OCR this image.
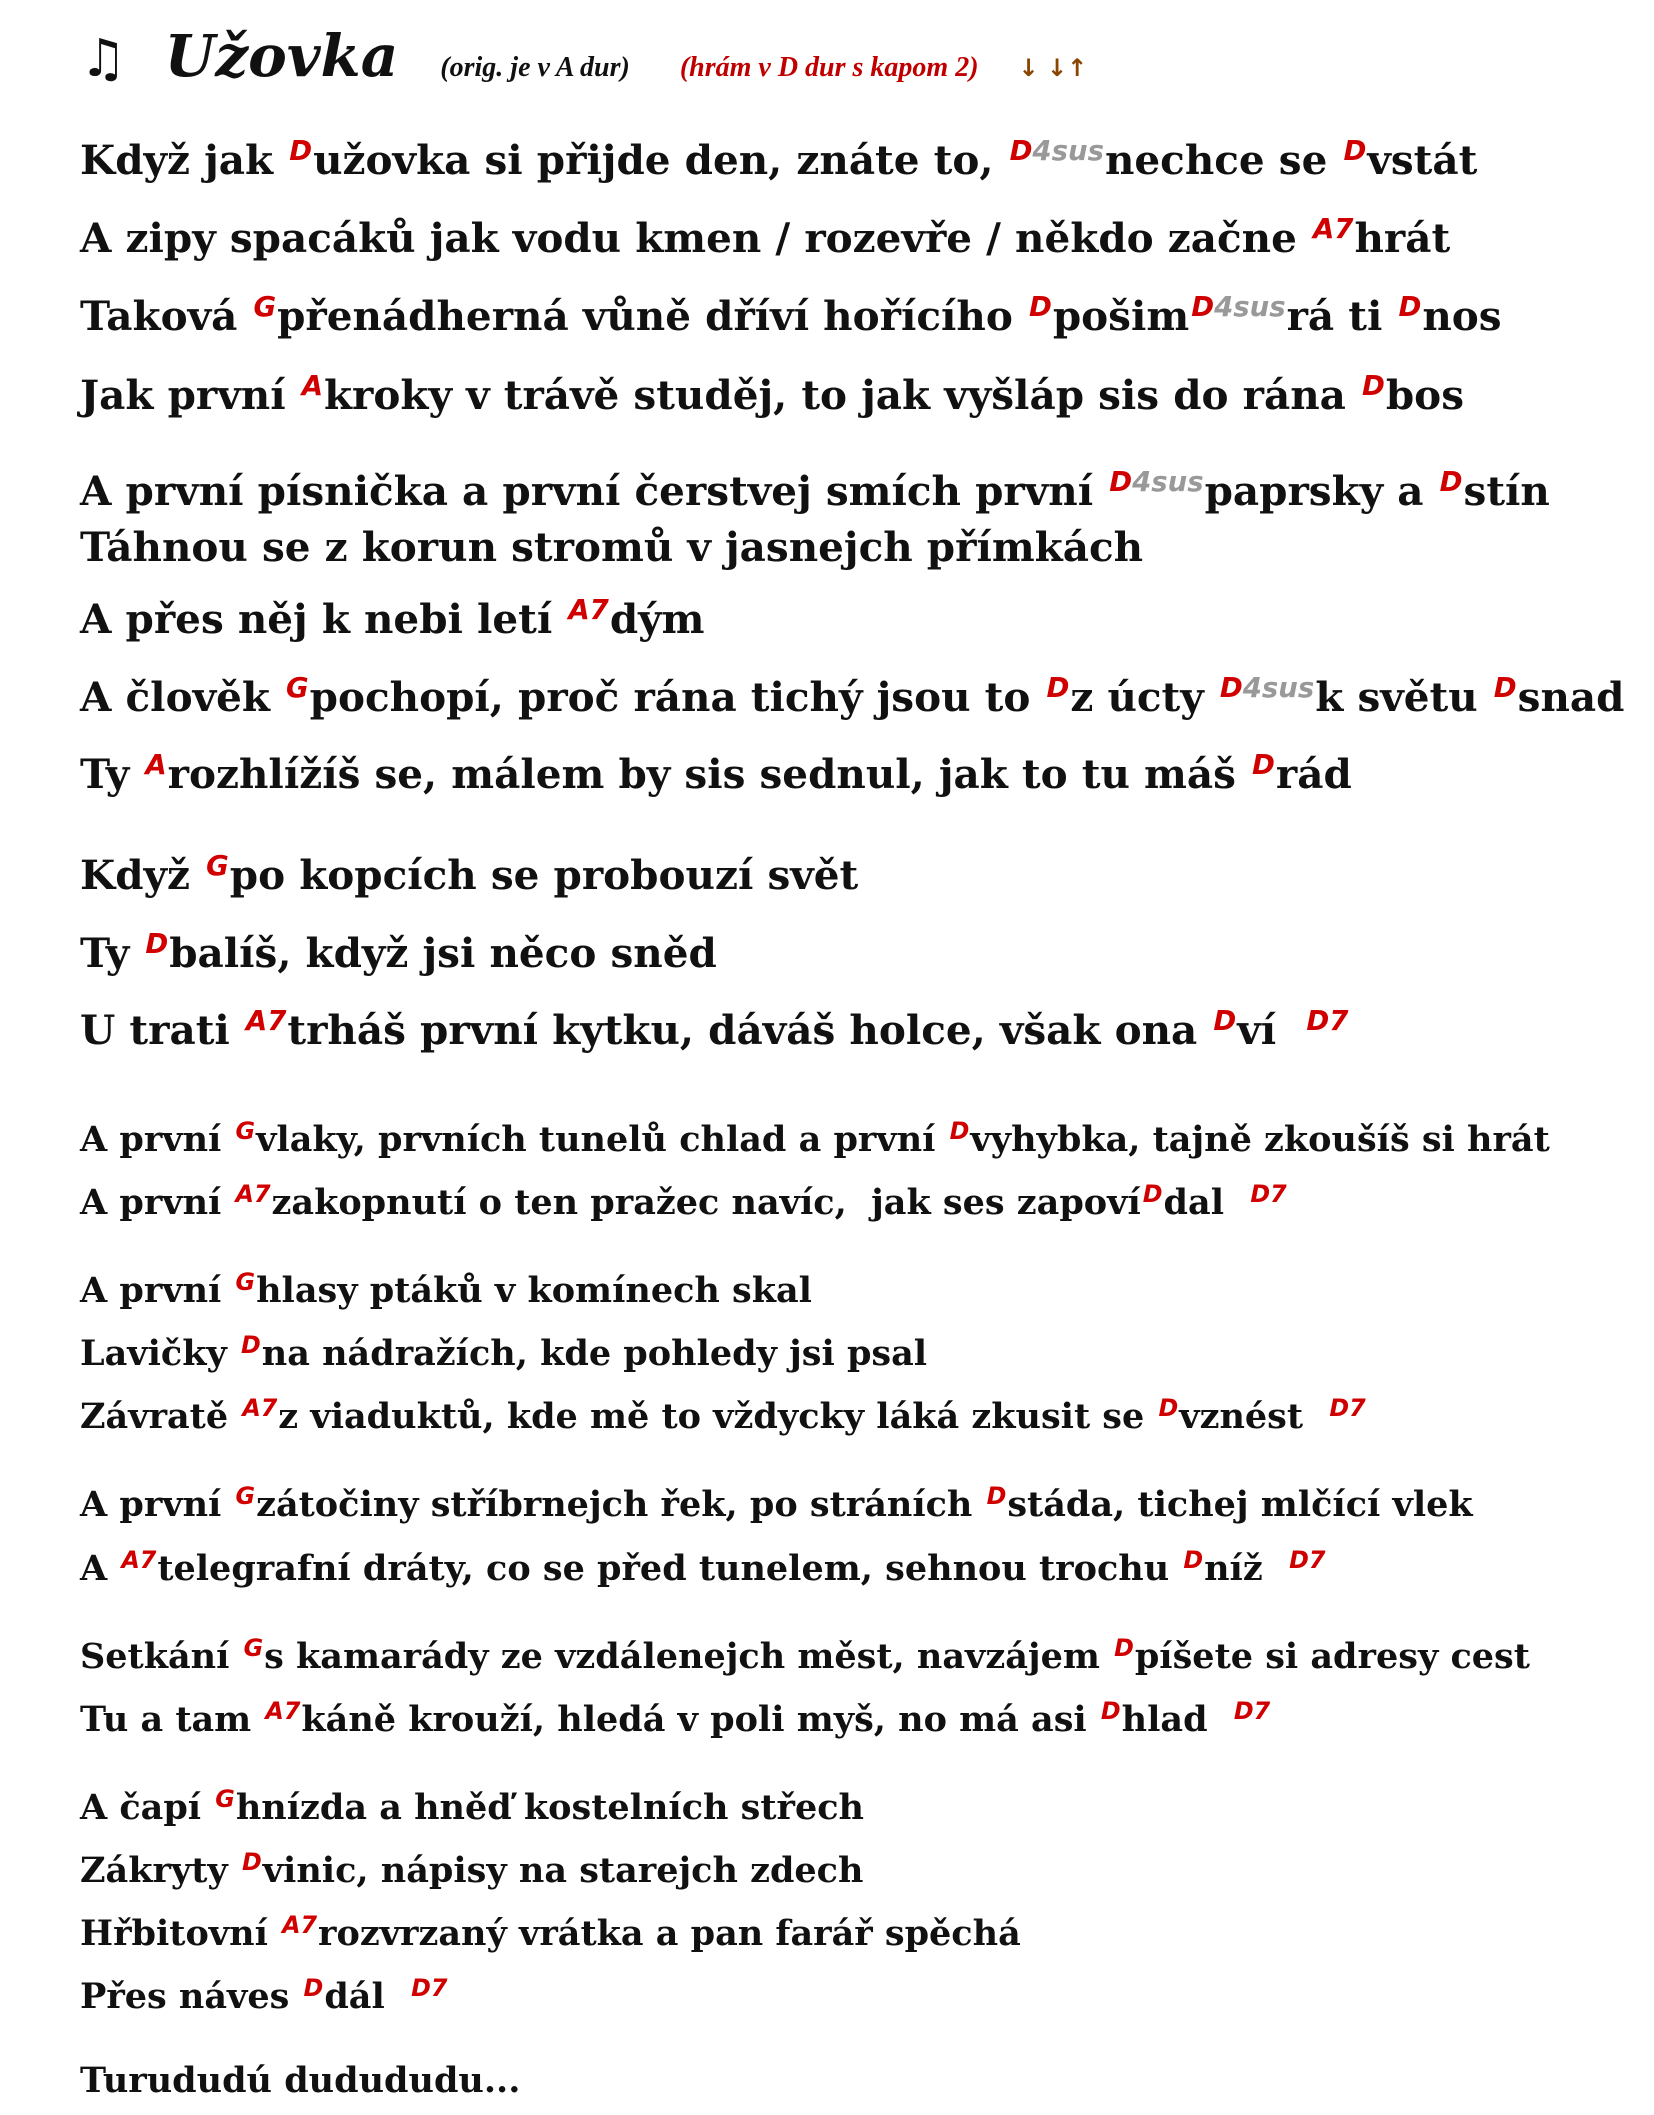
♫ Užovka (orig. je v A dur) (hrám v D dur s kapom 2) ↓ ↓↑
Když jak $^D$užovka si přijde den, znáte to, $^{D4sus}$nechce se $^D$vstát
A zipy spacáků jak vodu kmen / rozevře / někdo začne $^{A7}$hrát
Taková $^G$přenádherná vůně dříví hořícího $^D$pošim$^{D4sus}$rá ti $^D$nos
Jak první $^A$kroky v trávě studěj, to jak vyšláp sis do rána $^D$bos
A první písnička a první čerstvej smích první $^{D4sus}$paprsky a $^D$stín
Táhnou se z korun stromů v jasnejch přímkách
A přes něj k nebi letí $^{A7}$dým
A člověk $^G$pochopí, proč rána tichý jsou to $^D$z úcty $^{D4sus}$k světu $^D$snad
Ty $^A$rozhlížíš se, málem by sis sednul, jak to tu máš $^D$rád
Když $^G$po kopcích se probouzí svět
Ty $^D$balíš, když jsi něco sněd
U trati $^{A7}$trháš první kytku, dáváš holce, však ona $^D$ví  $^{D7}$
A první $^G$vlaky, prvních tunelů chlad a první $^D$vyhybka, tajně zkoušíš si hrát
A první $^{A7}$zakopnutí o ten pražec navíc,  jak ses zapoví$^D$dal  $^{D7}$
A první $^G$hlasy ptáků v komínech skal
Lavičky $^D$na nádražích, kde pohledy jsi psal
Závratě $^{A7}$z viaduktů, kde mě to vždycky láká zkusit se $^D$vznést  $^{D7}$
A první $^G$zátočiny stříbrnejch řek, po stráních $^D$stáda, tichej mlčící vlek
A $^{A7}$telegrafní dráty, co se před tunelem, sehnou trochu $^D$níž  $^{D7}$
Setkání $^G$s kamarády ze vzdálenejch měst, navzájem $^D$píšete si adresy cest
Tu a tam $^{A7}$káně krouží, hledá v poli myš, no má asi $^D$hlad  $^{D7}$
A čapí $^G$hnízda a hněď kostelních střech
Zákryty $^D$vinic, nápisy na starejch zdech
Hřbitovní $^{A7}$rozvrzaný vrátka a pan farář spěchá
Přes náves $^D$dál  $^{D7}$
Turududú dudududu...
